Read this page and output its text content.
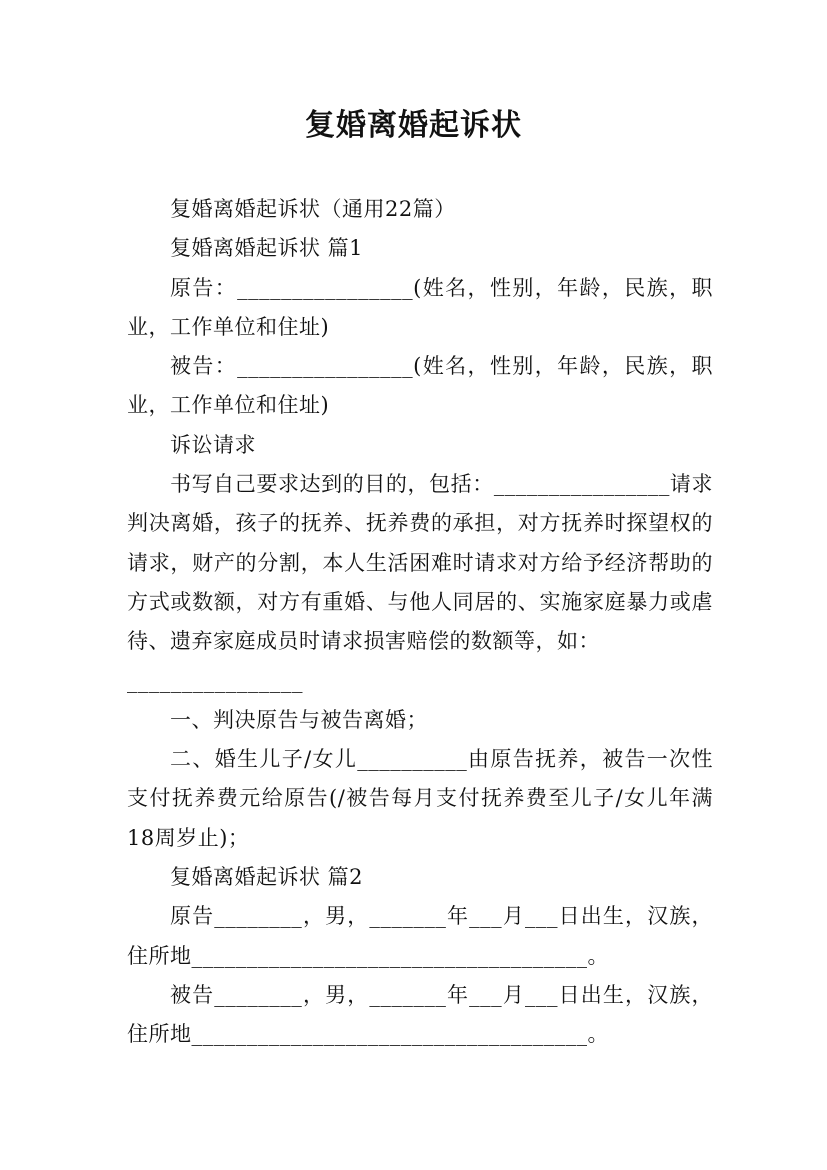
复婚离婚起诉状

复婚离婚起诉状（通用22篇）

复婚离婚起诉状 篇1

原告：________________(姓名，性别，年龄，民族，职业，工作单位和住址)

被告：________________(姓名，性别，年龄，民族，职业，工作单位和住址)

诉讼请求

书写自己要求达到的目的，包括：________________请求判决离婚，孩子的抚养、抚养费的承担，对方抚养时探望权的请求，财产的分割，本人生活困难时请求对方给予经济帮助的方式或数额，对方有重婚、与他人同居的、实施家庭暴力或虐待、遗弃家庭成员时请求损害赔偿的数额等，如：

________________

一、判决原告与被告离婚；

二、婚生儿子/女儿__________由原告抚养，被告一次性支付抚养费元给原告(/被告每月支付抚养费至儿子/女儿年满18周岁止)；

复婚离婚起诉状 篇2

原告________，男，_______年___月___日出生，汉族，住所地____________________________________。

被告________，男，_______年___月___日出生，汉族，住所地____________________________________。
